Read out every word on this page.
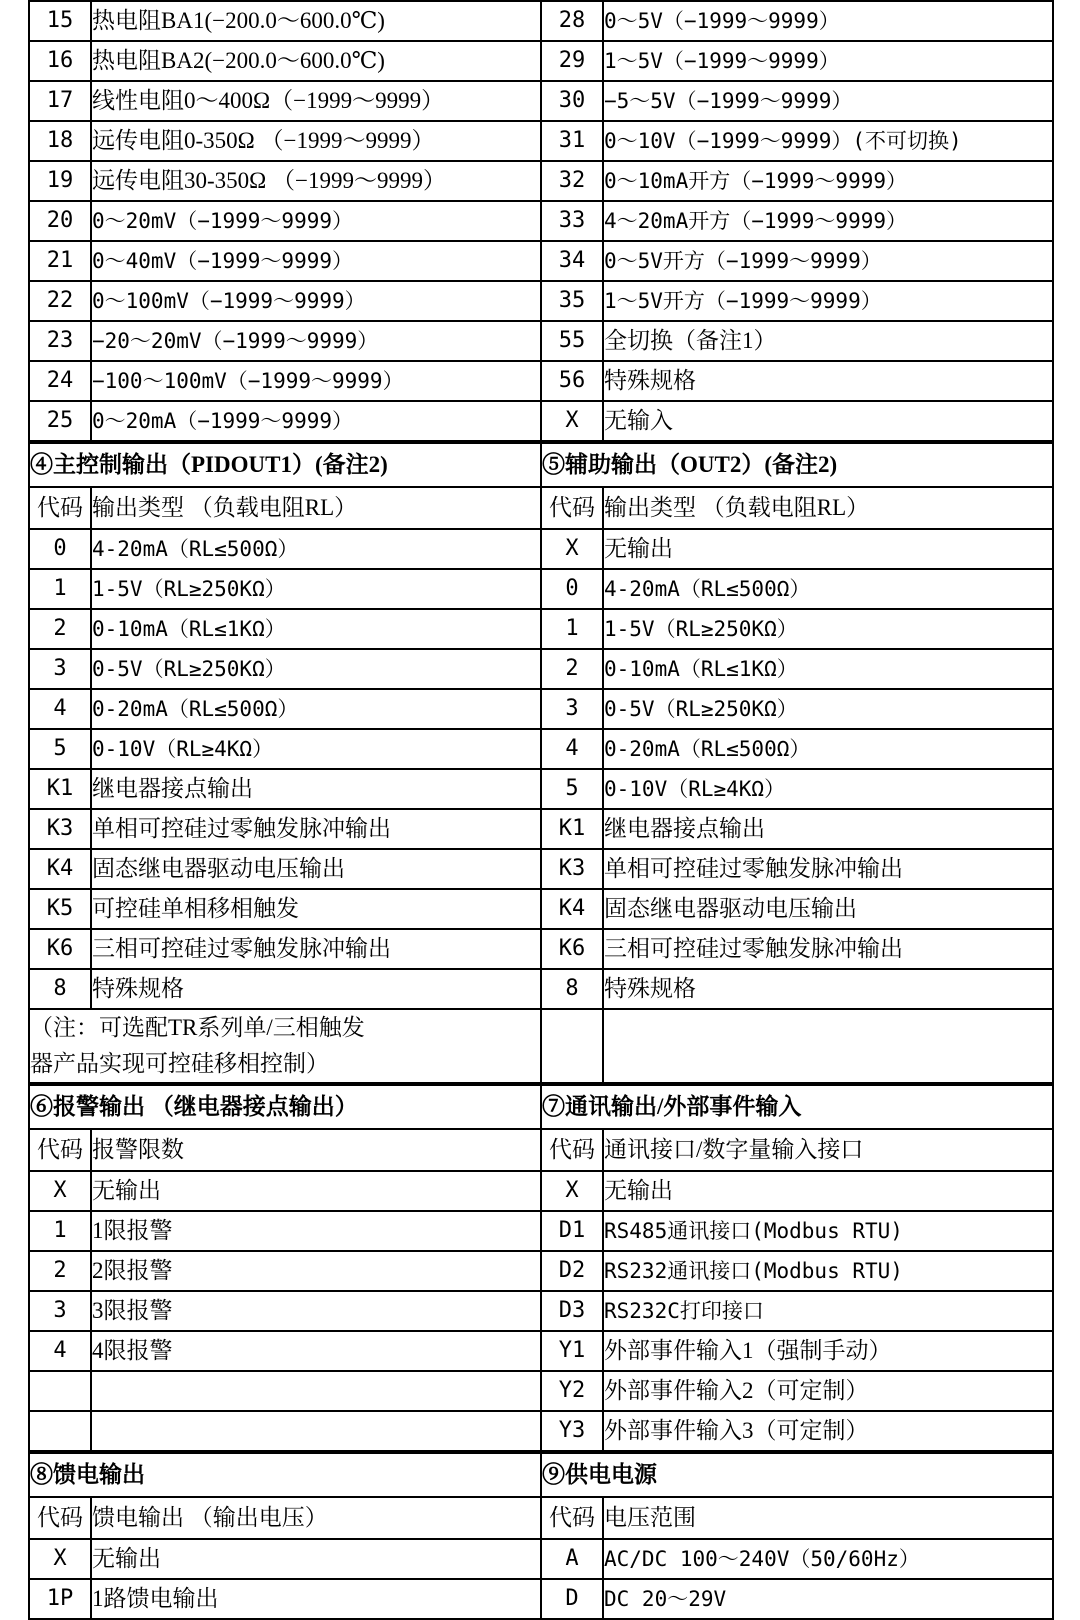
15	热电阻BA1(−200.0～600.0℃)	28	0～5V（−1999～9999）
16	热电阻BA2(−200.0～600.0℃)	29	1～5V（−1999～9999）
17	线性电阻0～400Ω（−1999～9999）	30	−5～5V（−1999～9999）
18	远传电阻0-350Ω （−1999～9999）	31	0～10V（−1999～9999）(不可切换)
19	远传电阻30-350Ω （−1999～9999）	32	0～10mA开方（−1999～9999）
20	0～20mV（−1999～9999）	33	4～20mA开方（−1999～9999）
21	0～40mV（−1999～9999）	34	0～5V开方（−1999～9999）
22	0～100mV（−1999～9999）	35	1～5V开方（−1999～9999）
23	−20～20mV（−1999～9999）	55	全切换（备注1）
24	−100～100mV（−1999～9999）	56	特殊规格
25	0～20mA（−1999～9999）	X	无输入
④主控制输出（PIDOUT1）(备注2)		⑤辅助输出（OUT2）(备注2)	
代码	输出类型 （负载电阻RL）	代码	输出类型 （负载电阻RL）
0	4-20mA（RL≤500Ω）	X	无输出
1	1-5V（RL≥250KΩ）	0	4-20mA（RL≤500Ω）
2	0-10mA（RL≤1KΩ）	1	1-5V（RL≥250KΩ）
3	0-5V（RL≥250KΩ）	2	0-10mA（RL≤1KΩ）
4	0-20mA（RL≤500Ω）	3	0-5V（RL≥250KΩ）
5	0-10V（RL≥4KΩ）	4	0-20mA（RL≤500Ω）
K1	继电器接点输出	5	0-10V（RL≥4KΩ）
K3	单相可控硅过零触发脉冲输出	K1	继电器接点输出
K4	固态继电器驱动电压输出	K3	单相可控硅过零触发脉冲输出
K5	可控硅单相移相触发	K4	固态继电器驱动电压输出
K6	三相可控硅过零触发脉冲输出	K6	三相可控硅过零触发脉冲输出
8	特殊规格	8	特殊规格

（注：可选配TR系列单/三相触发
器产品实现可控硅移相控制）			

⑥报警输出 （继电器接点输出）		⑦通讯输出/外部事件输入	
代码	报警限数	代码	通讯接口/数字量输入接口
X	无输出	X	无输出
1	1限报警	D1	RS485通讯接口(Modbus RTU)
2	2限报警	D2	RS232通讯接口(Modbus RTU)
3	3限报警	D3	RS232C打印接口
4	4限报警	Y1	外部事件输入1（强制手动）
		Y2	外部事件输入2（可定制）
		Y3	外部事件输入3（可定制）
⑧馈电输出		⑨供电电源	
代码	馈电输出 （输出电压）	代码	电压范围
X	无输出	A	AC/DC 100～240V（50/60Hz）
1P	1路馈电输出	D	DC 20～29V
